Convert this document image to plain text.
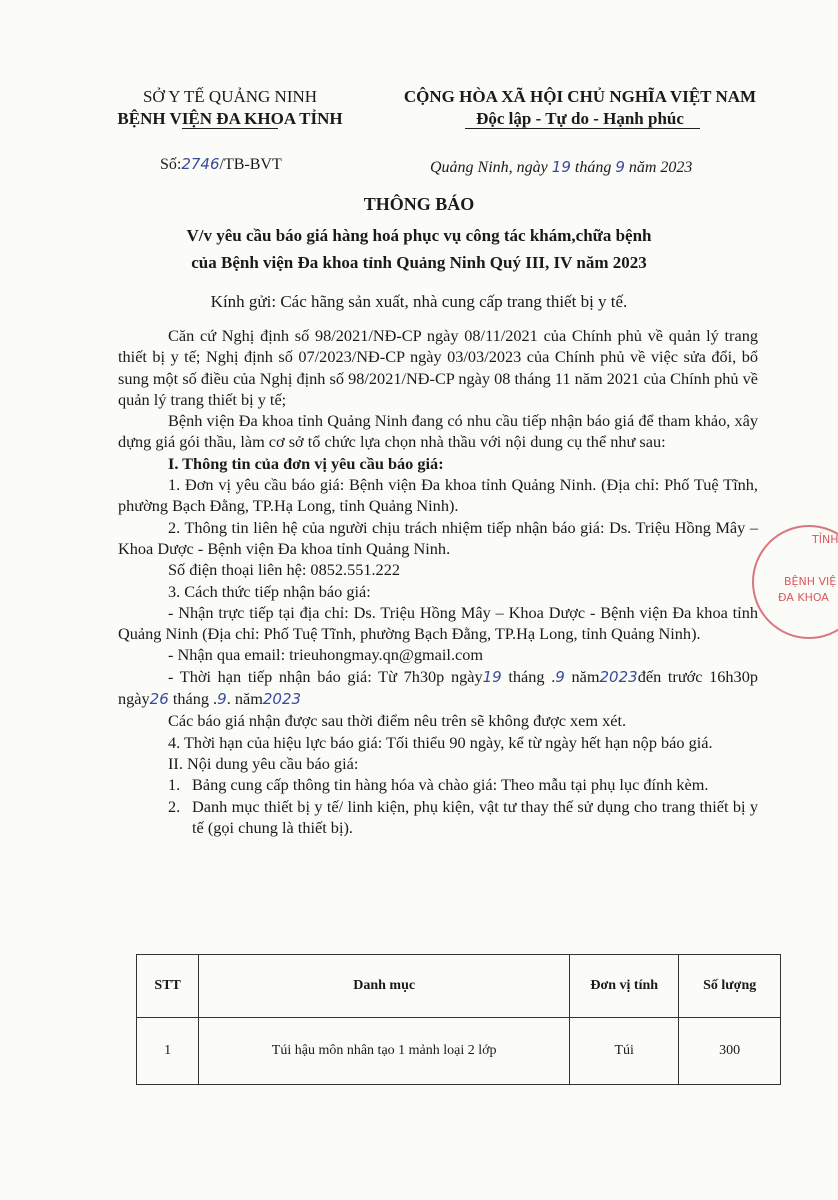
SỞ Y TẾ QUẢNG NINH
BỆNH VIỆN ĐA KHOA TỈNH
CỘNG HÒA XÃ HỘI CHỦ NGHĨA VIỆT NAM
Độc lập - Tự do - Hạnh phúc
Số:2746/TB-BVT	Quảng Ninh, ngày 19 tháng 9 năm 2023
THÔNG BÁO
V/v yêu cầu báo giá hàng hoá phục vụ công tác khám,chữa bệnh
của Bệnh viện Đa khoa tỉnh Quảng Ninh Quý III, IV năm 2023
Kính gửi: Các hãng sản xuất, nhà cung cấp trang thiết bị y tế.

Căn cứ Nghị định số 98/2021/NĐ-CP ngày 08/11/2021 của Chính phủ về quản lý trang thiết bị y tế; Nghị định số 07/2023/NĐ-CP ngày 03/03/2023 của Chính phủ về việc sửa đổi, bổ sung một số điều của Nghị định số 98/2021/NĐ-CP ngày 08 tháng 11 năm 2021 của Chính phủ về quản lý trang thiết bị y tế;

Bệnh viện Đa khoa tỉnh Quảng Ninh đang có nhu cầu tiếp nhận báo giá để tham khảo, xây dựng giá gói thầu, làm cơ sở tổ chức lựa chọn nhà thầu với nội dung cụ thể như sau:

I. Thông tin của đơn vị yêu cầu báo giá:

1. Đơn vị yêu cầu báo giá: Bệnh viện Đa khoa tỉnh Quảng Ninh. (Địa chỉ: Phố Tuệ Tĩnh, phường Bạch Đằng, TP.Hạ Long, tỉnh Quảng Ninh).

2. Thông tin liên hệ của người chịu trách nhiệm tiếp nhận báo giá: Ds. Triệu Hồng Mây – Khoa Dược - Bệnh viện Đa khoa tỉnh Quảng Ninh.

Số điện thoại liên hệ: 0852.551.222

3. Cách thức tiếp nhận báo giá:

- Nhận trực tiếp tại địa chỉ: Ds. Triệu Hồng Mây – Khoa Dược - Bệnh viện Đa khoa tỉnh Quảng Ninh (Địa chỉ: Phố Tuệ Tĩnh, phường Bạch Đằng, TP.Hạ Long, tỉnh Quảng Ninh).

- Nhận qua email: trieuhongmay.qn@gmail.com

- Thời hạn tiếp nhận báo giá: Từ 7h30p ngày19 tháng .9 năm2023đến trước 16h30p ngày26 tháng .9. năm2023

Các báo giá nhận được sau thời điểm nêu trên sẽ không được xem xét.

4. Thời hạn của hiệu lực báo giá: Tối thiểu 90 ngày, kể từ ngày hết hạn nộp báo giá.

II. Nội dung yêu cầu báo giá:

1. Bảng cung cấp thông tin hàng hóa và chào giá: Theo mẫu tại phụ lục đính kèm.
2. Danh mục thiết bị y tế/ linh kiện, phụ kiện, vật tư thay thế sử dụng cho trang thiết bị y tế (gọi chung là thiết bị).
TỈNH
BỆNH VIỆ
ĐA KHOA
STT	Danh mục	Đơn vị tính	Số lượng
1	Túi hậu môn nhân tạo 1 mảnh loại 2 lớp	Túi	300
